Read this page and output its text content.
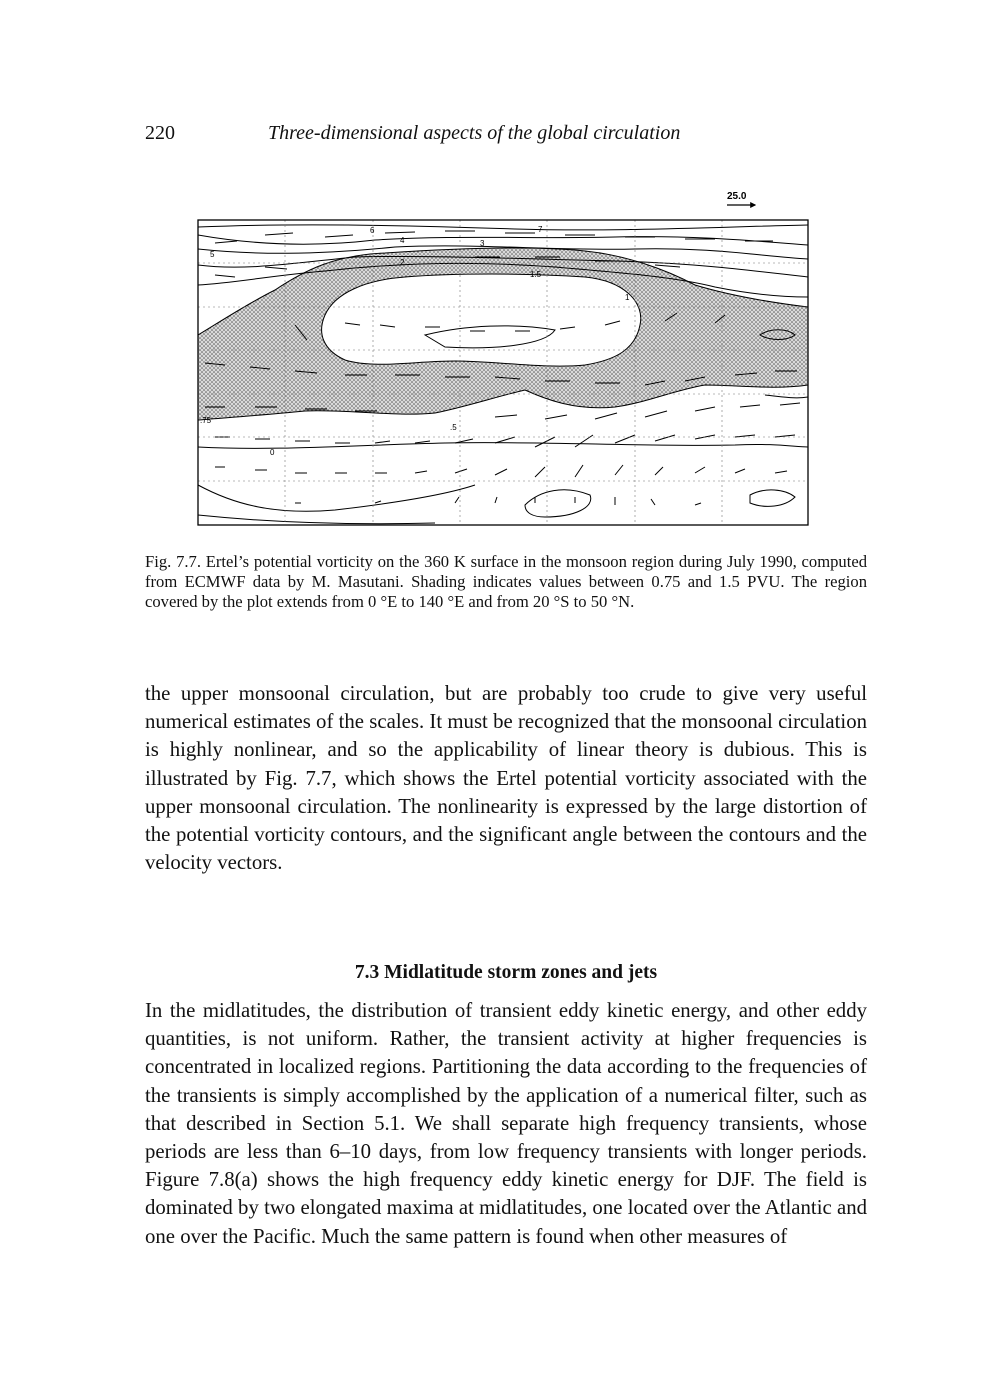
220	Three-dimensional aspects of the global circulation
25.0
7
6
5
4	3
2
1.5
1
.75
.5
0

Fig. 7.7. Ertel’s potential vorticity on the 360 K surface in the monsoon region during July 1990, computed from ECMWF data by M. Masutani. Shading indicates values between 0.75 and 1.5 PVU. The region covered by the plot extends from 0 °E to 140 °E and from 20 °S to 50 °N.

the upper monsoonal circulation, but are probably too crude to give very useful numerical estimates of the scales. It must be recognized that the monsoonal circulation is highly nonlinear, and so the applicability of linear theory is dubious. This is illustrated by Fig. 7.7, which shows the Ertel potential vorticity associated with the upper monsoonal circulation. The nonlinearity is expressed by the large distortion of the potential vorticity contours, and the significant angle between the contours and the velocity vectors.

7.3 Midlatitude storm zones and jets

In the midlatitudes, the distribution of transient eddy kinetic energy, and other eddy quantities, is not uniform. Rather, the transient activity at higher frequencies is concentrated in localized regions. Partitioning the data according to the frequencies of the transients is simply accomplished by the application of a numerical filter, such as that described in Section 5.1. We shall separate high frequency transients, whose periods are less than 6–10 days, from low frequency transients with longer periods. Figure 7.8(a) shows the high frequency eddy kinetic energy for DJF. The field is dominated by two elongated maxima at midlatitudes, one located over the Atlantic and one over the Pacific. Much the same pattern is found when other measures of
